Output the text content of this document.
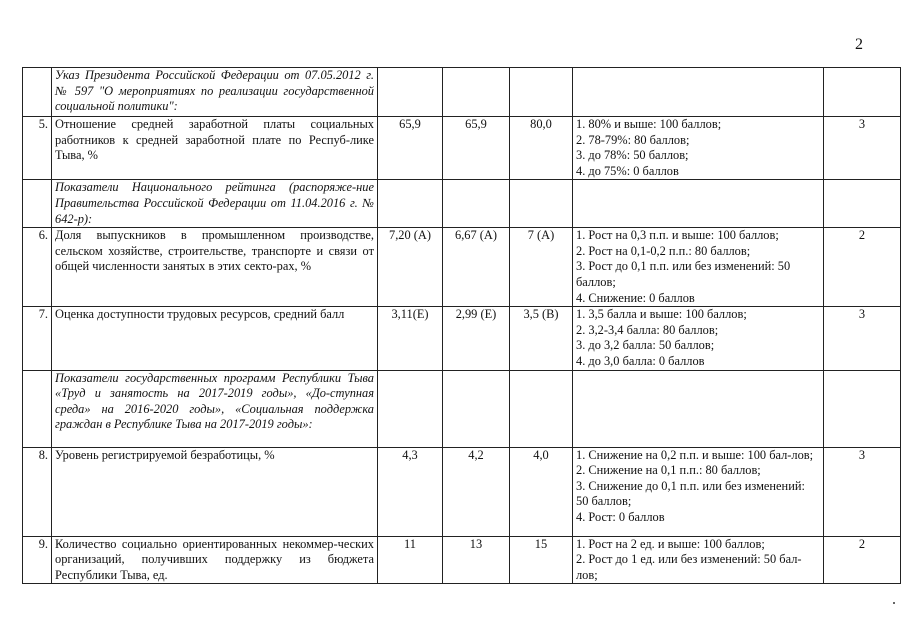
2
	Указ Президента Российской Федерации от 07.05.2012 г. № 597 "О мероприятиях по реализации государственной социальной политики":					
5.	Отношение средней заработной платы социальных работников к средней заработной плате по Респуб-лике Тыва, %	65,9	65,9	80,0	1. 80% и выше: 100 баллов;
2. 78-79%: 80 баллов;
3. до 78%: 50 баллов;
4. до 75%: 0 баллов	3
	Показатели Национального рейтинга (распоряже-ние Правительства Российской Федерации от 11.04.2016 г. № 642-р):					
6.	Доля выпускников в промышленном производстве, сельском хозяйстве, строительстве, транспорте и связи от общей численности занятых в этих секто-рах, %	7,20 (А)	6,67 (А)	7 (А)	1. Рост на 0,3 п.п. и выше: 100 баллов;
2. Рост на 0,1-0,2 п.п.: 80 баллов;
3. Рост до 0,1 п.п. или без изменений: 50 баллов;
4. Снижение: 0 баллов	2
7.	Оценка доступности трудовых ресурсов, средний балл	3,11(Е)	2,99 (Е)	3,5 (В)	1. 3,5 балла и выше: 100 баллов;
2. 3,2-3,4 балла: 80 баллов;
3. до 3,2 балла: 50 баллов;
4. до 3,0 балла: 0 баллов	3
	Показатели государственных программ Республики Тыва «Труд и занятость на 2017-2019 годы», «До-ступная среда» на 2016-2020 годы», «Социальная поддержка граждан в Республике Тыва на 2017-2019 годы»:					
8.	Уровень регистрируемой безработицы, %	4,3	4,2	4,0	1. Снижение на 0,2 п.п. и выше: 100 бал-лов;
2. Снижение на 0,1 п.п.: 80 баллов;
3. Снижение до 0,1 п.п. или без изменений: 50 баллов;
4. Рост: 0 баллов	3
9.	Количество социально ориентированных некоммер-ческих организаций, получивших поддержку из бюджета Республики Тыва, ед.	11	13	15	1. Рост на 2 ед. и выше: 100 баллов;
2. Рост до 1 ед. или без изменений: 50 бал-лов;	2
